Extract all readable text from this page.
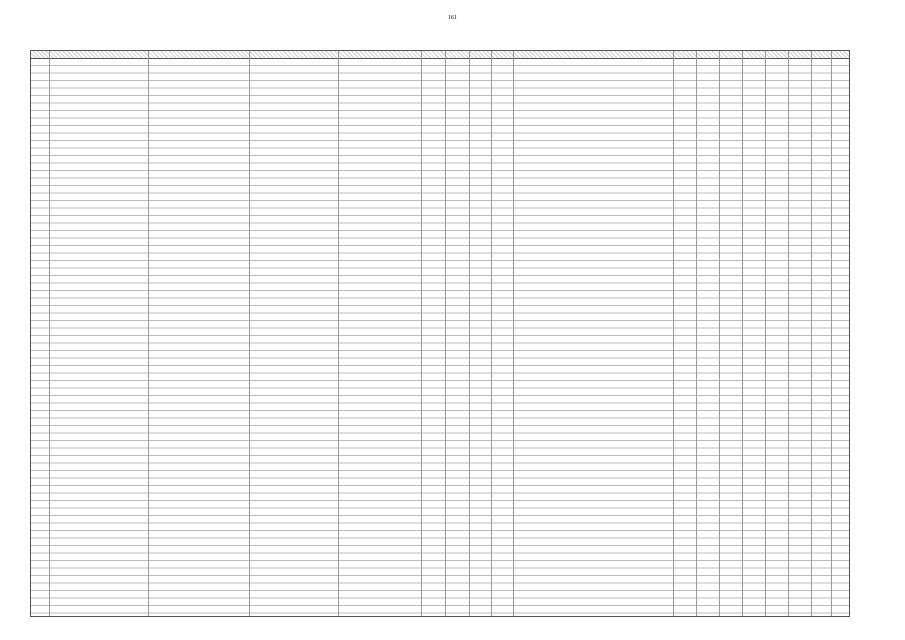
161
